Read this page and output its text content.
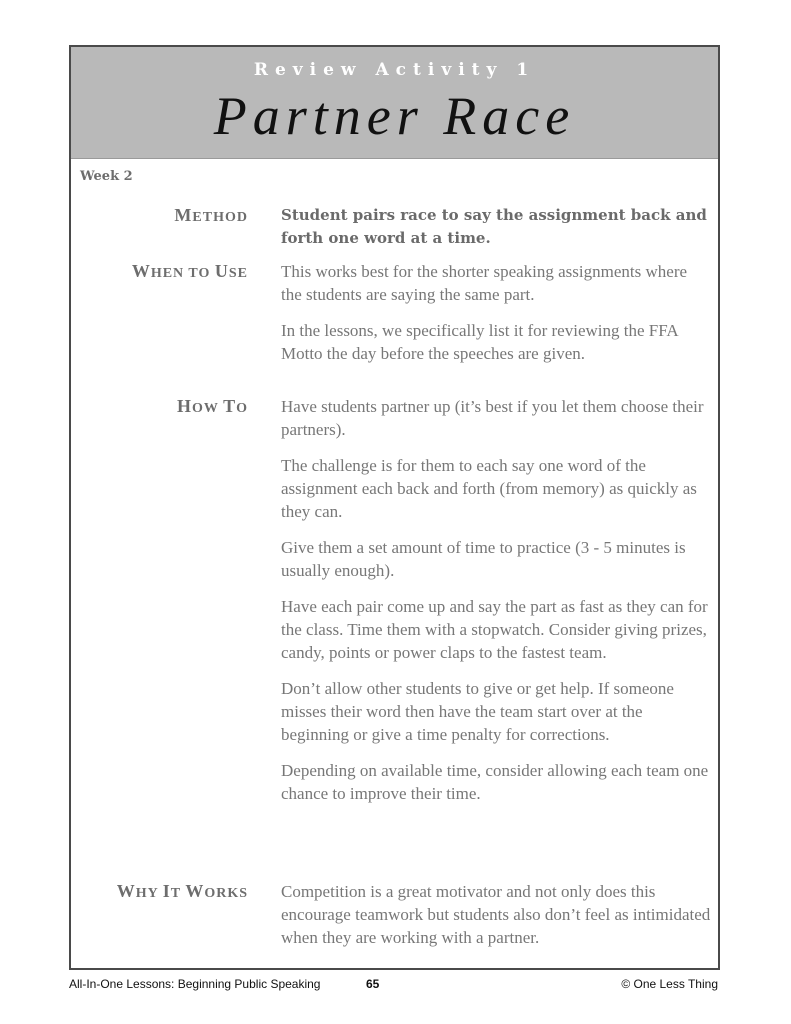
Review Activity 1
Partner Race
Week 2
METHOD Student pairs race to say the assignment back and forth one word at a time.
WHEN TO USE This works best for the shorter speaking assignments where the students are saying the same part.

In the lessons, we specifically list it for reviewing the FFA Motto the day before the speeches are given.

HOW TO Have students partner up (it’s best if you let them choose their partners).

The challenge is for them to each say one word of the assignment each back and forth (from memory) as quickly as they can.

Give them a set amount of time to practice (3 - 5 minutes is usually enough).

Have each pair come up and say the part as fast as they can for the class. Time them with a stopwatch. Consider giving prizes, candy, points or power claps to the fastest team.

Don’t allow other students to give or get help. If someone misses their word then have the team start over at the beginning or give a time penalty for corrections.

Depending on available time, consider allowing each team one chance to improve their time.

WHY IT WORKS Competition is a great motivator and not only does this encourage teamwork but students also don’t feel as intimidated when they are working with a partner.
All-In-One Lessons: Beginning Public Speaking	65	© One Less Thing
